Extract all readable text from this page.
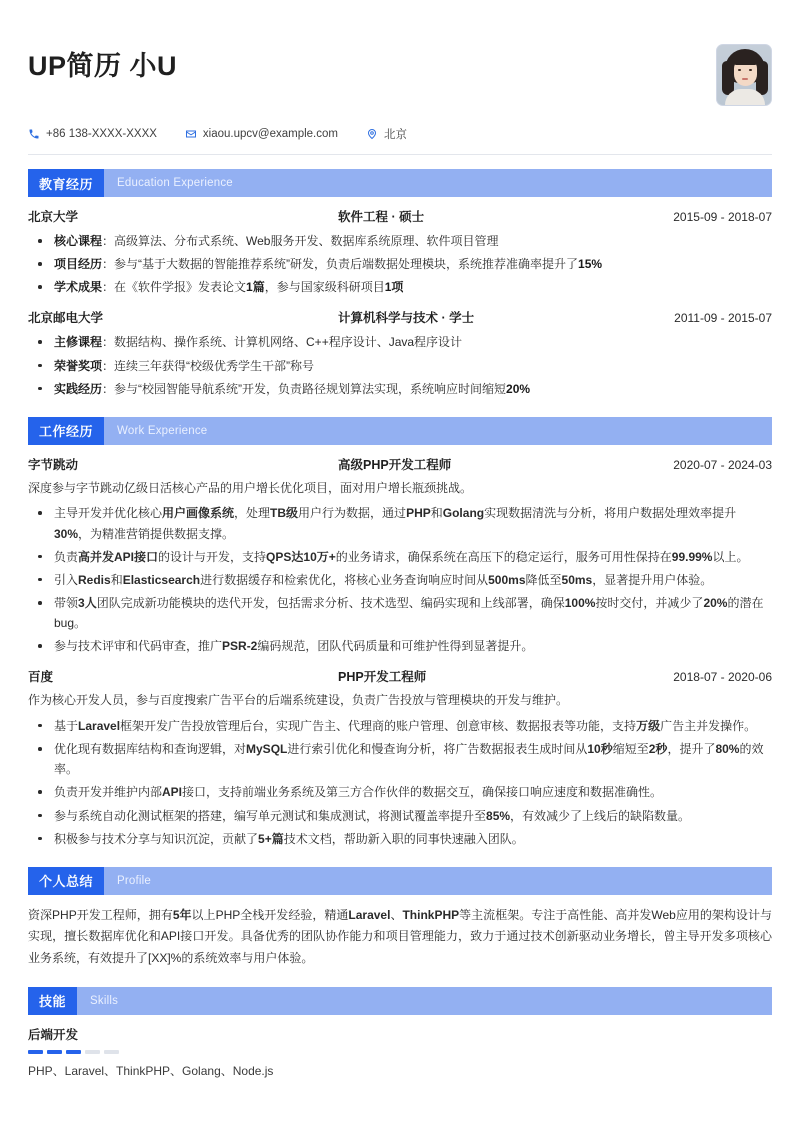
UP简历 小U
+86 138-XXXX-XXXX	xiaou.upcv@example.com	北京
教育经历	Education Experience
北京大学	软件工程 · 硕士	2015-09 - 2018-07
核心课程：高级算法、分布式系统、Web服务开发、数据库系统原理、软件项目管理
项目经历：参与“基于大数据的智能推荐系统”研发，负责后端数据处理模块，系统推荐准确率提升了15%
学术成果：在《软件学报》发表论文1篇，参与国家级科研项目1项
北京邮电大学	计算机科学与技术 · 学士	2011-09 - 2015-07
主修课程：数据结构、操作系统、计算机网络、C++程序设计、Java程序设计
荣誉奖项：连续三年获得“校级优秀学生干部”称号
实践经历：参与“校园智能导航系统”开发，负责路径规划算法实现，系统响应时间缩短20%
工作经历	Work Experience
字节跳动	高级PHP开发工程师	2020-07 - 2024-03
深度参与字节跳动亿级日活核心产品的用户增长优化项目，面对用户增长瓶颈挑战。
主导开发并优化核心用户画像系统，处理TB级用户行为数据，通过PHP和Golang实现数据清洗与分析，将用户数据处理效率提升30%，为精准营销提供数据支撑。
负责高并发API接口的设计与开发，支持QPS达10万+的业务请求，确保系统在高压下的稳定运行，服务可用性保持在99.99%以上。
引入Redis和Elasticsearch进行数据缓存和检索优化，将核心业务查询响应时间从500ms降低至50ms，显著提升用户体验。
带领3人团队完成新功能模块的迭代开发，包括需求分析、技术选型、编码实现和上线部署，确保100%按时交付，并减少了20%的潜在bug。
参与技术评审和代码审查，推广PSR-2编码规范，团队代码质量和可维护性得到显著提升。
百度	PHP开发工程师	2018-07 - 2020-06
作为核心开发人员，参与百度搜索广告平台的后端系统建设，负责广告投放与管理模块的开发与维护。
基于Laravel框架开发广告投放管理后台，实现广告主、代理商的账户管理、创意审核、数据报表等功能，支持万级广告主并发操作。
优化现有数据库结构和查询逻辑，对MySQL进行索引优化和慢查询分析，将广告数据报表生成时间从10秒缩短至2秒，提升了80%的效率。
负责开发并维护内部API接口，支持前端业务系统及第三方合作伙伴的数据交互，确保接口响应速度和数据准确性。
参与系统自动化测试框架的搭建，编写单元测试和集成测试，将测试覆盖率提升至85%，有效减少了上线后的缺陷数量。
积极参与技术分享与知识沉淀，贡献了5+篇技术文档，帮助新入职的同事快速融入团队。
个人总结	Profile
资深PHP开发工程师，拥有5年以上PHP全栈开发经验，精通Laravel、ThinkPHP等主流框架。专注于高性能、高并发Web应用的架构设计与实现，擅长数据库优化和API接口开发。具备优秀的团队协作能力和项目管理能力，致力于通过技术创新驱动业务增长，曾主导开发多项核心业务系统，有效提升了[XX]%的系统效率与用户体验。
技能	Skills
后端开发
PHP、Laravel、ThinkPHP、Golang、Node.js
